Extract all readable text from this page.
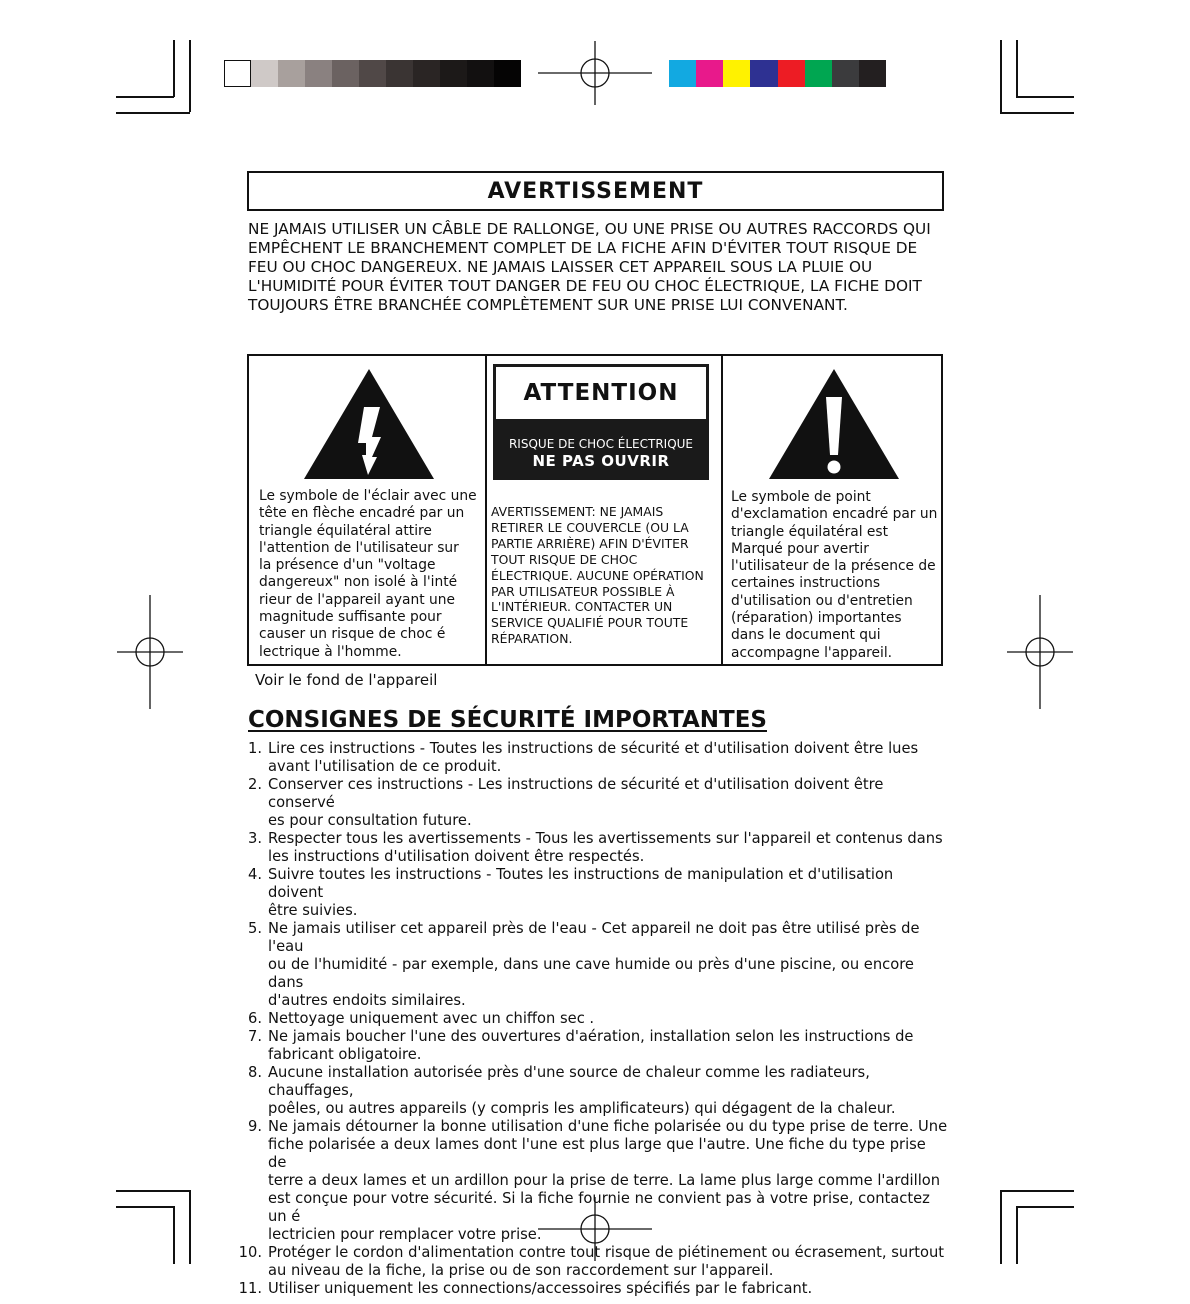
AVERTISSEMENT
NE JAMAIS UTILISER UN CÂBLE DE RALLONGE, OU UNE PRISE OU AUTRES RACCORDS QUI
EMPÊCHENT LE BRANCHEMENT COMPLET DE LA FICHE AFIN D'ÉVITER TOUT RISQUE DE
FEU OU CHOC DANGEREUX. NE JAMAIS LAISSER CET APPAREIL SOUS LA PLUIE OU
L'HUMIDITÉ POUR ÉVITER TOUT DANGER DE FEU OU CHOC ÉLECTRIQUE, LA FICHE DOIT
TOUJOURS ÊTRE BRANCHÉE COMPLÈTEMENT SUR UNE PRISE LUI CONVENANT.
Le symbole de l'éclair avec une
tête en flèche encadré par un
triangle équilatéral attire
l'attention de l'utilisateur sur
la présence d'un "voltage
dangereux" non isolé à l'inté
rieur de l'appareil ayant une
magnitude suffisante pour
causer un risque de choc é
lectrique à l'homme.
ATTENTION
RISQUE DE CHOC ÉLECTRIQUE
NE PAS OUVRIR
AVERTISSEMENT: NE JAMAIS
RETIRER LE COUVERCLE (OU LA
PARTIE ARRIÈRE) AFIN D'ÉVITER
TOUT RISQUE DE CHOC
ÉLECTRIQUE. AUCUNE OPÉRATION
PAR UTILISATEUR POSSIBLE À
L'INTÉRIEUR. CONTACTER UN
SERVICE QUALIFIÉ POUR TOUTE
RÉPARATION.
Le symbole de point
d'exclamation encadré par un
triangle équilatéral est
Marqué pour avertir
l'utilisateur de la présence de
certaines instructions
d'utilisation ou d'entretien
(réparation) importantes
dans le document qui
accompagne l'appareil.
Voir le fond de l'appareil
CONSIGNES DE SÉCURITÉ IMPORTANTES
1. Lire ces instructions - Toutes les instructions de sécurité et d'utilisation doivent être lues
avant l'utilisation de ce produit.
2. Conserver ces instructions - Les instructions de sécurité et d'utilisation doivent être conservé
es pour consultation future.
3. Respecter tous les avertissements - Tous les avertissements sur l'appareil et contenus dans
les instructions d'utilisation doivent être respectés.
4. Suivre toutes les instructions - Toutes les instructions de manipulation et d'utilisation doivent
être suivies.
5. Ne jamais utiliser cet appareil près de l'eau - Cet appareil ne doit pas être utilisé près de l'eau
ou de l'humidité - par exemple, dans une cave humide ou près d'une piscine, ou encore dans
d'autres endoits similaires.
6. Nettoyage uniquement avec un chiffon sec .
7. Ne jamais boucher l'une des ouvertures d'aération, installation selon les instructions de
fabricant obligatoire.
8. Aucune installation autorisée près d'une source de chaleur comme les radiateurs, chauffages,
poêles, ou autres appareils (y compris les amplificateurs) qui dégagent de la chaleur.
9. Ne jamais détourner la bonne utilisation d'une fiche polarisée ou du type prise de terre. Une
fiche polarisée a deux lames dont l'une est plus large que l'autre. Une fiche du type prise de
terre a deux lames et un ardillon pour la prise de terre. La lame plus large comme l'ardillon
est conçue pour votre sécurité. Si la fiche fournie ne convient pas à votre prise, contactez un é
lectricien pour remplacer votre prise.
10. Protéger le cordon d'alimentation contre tout risque de piétinement ou écrasement, surtout
au niveau de la fiche, la prise ou de son raccordement sur l'appareil.
11. Utiliser uniquement les connections/accessoires spécifiés par le fabricant.
